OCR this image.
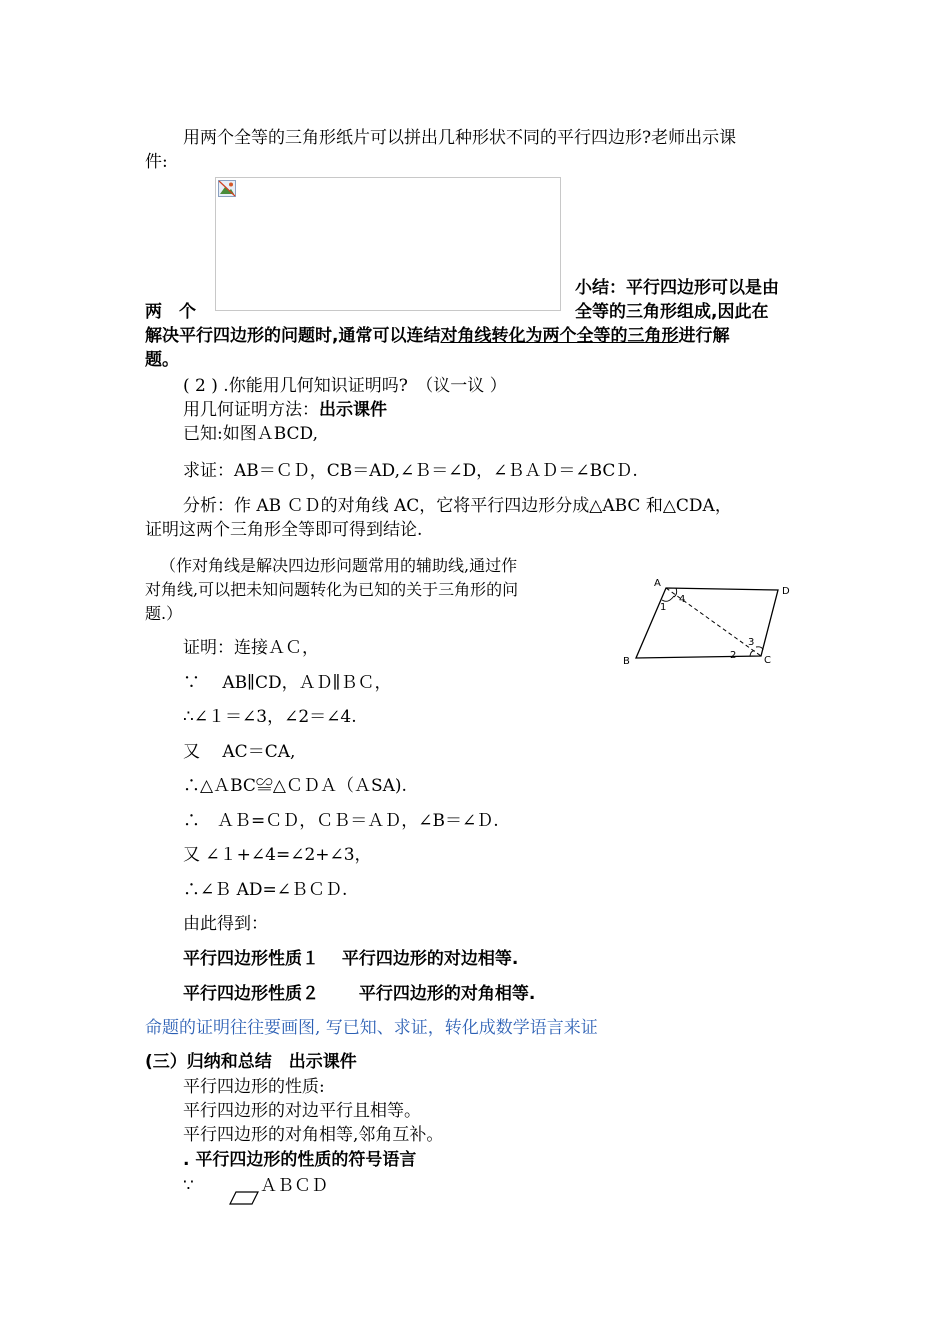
用两个全等的三角形纸片可以拼出几种形状不同的平行四边形?老师出示课
件:
两　个
小结：平行四边形可以是由
全等的三角形组成,因此在
解决平行四边形的问题时,通常可以连结对角线转化为两个全等的三角形进行解
题。
( 2 ) .你能用几何知识证明吗?　（议一议 ）
用几何证明方法：出示课件
已知:如图ＡBCD,
求证：AB＝ＣＤ，CB＝AD,∠Ｂ＝∠D，∠ＢＡＤ＝∠BCＤ.
分析：作 AB ＣＤ的对角线 AC，它将平行四边形分成△ABC 和△CDA，
证明这两个三角形全等即可得到结论.
（作对角线是解决四边形问题常用的辅助线,通过作
对角线,可以把未知问题转化为已知的关于三角形的问
题.）
A
D
B	C
1
4
2
3
证明：连接ＡＣ，
∵　 AB∥CD，ＡＤ∥ＢＣ，
∴∠１＝∠3，∠2＝∠4.
又　 AC＝CA,
∴△ＡBC≌△ＣＤＡ（ＡSA).
∴　ＡＢ=ＣＤ，ＣＢ＝ＡＤ，∠B＝∠Ｄ.
又 ∠１+∠4=∠2+∠3，
∴∠Ｂ AD=∠ＢＣＤ.
由此得到：
平行四边形性质１　 平行四边形的对边相等.
平行四边形性质２　　 平行四边形的对角相等.
命题的证明往往要画图, 写已知、求证，转化成数学语言来证
(三）归纳和总结　出示课件
平行四边形的性质:
平行四边形的对边平行且相等。
平行四边形的对角相等,邻角互补。
. 平行四边形的性质的符号语言
∵	ＡＢＣＤ
